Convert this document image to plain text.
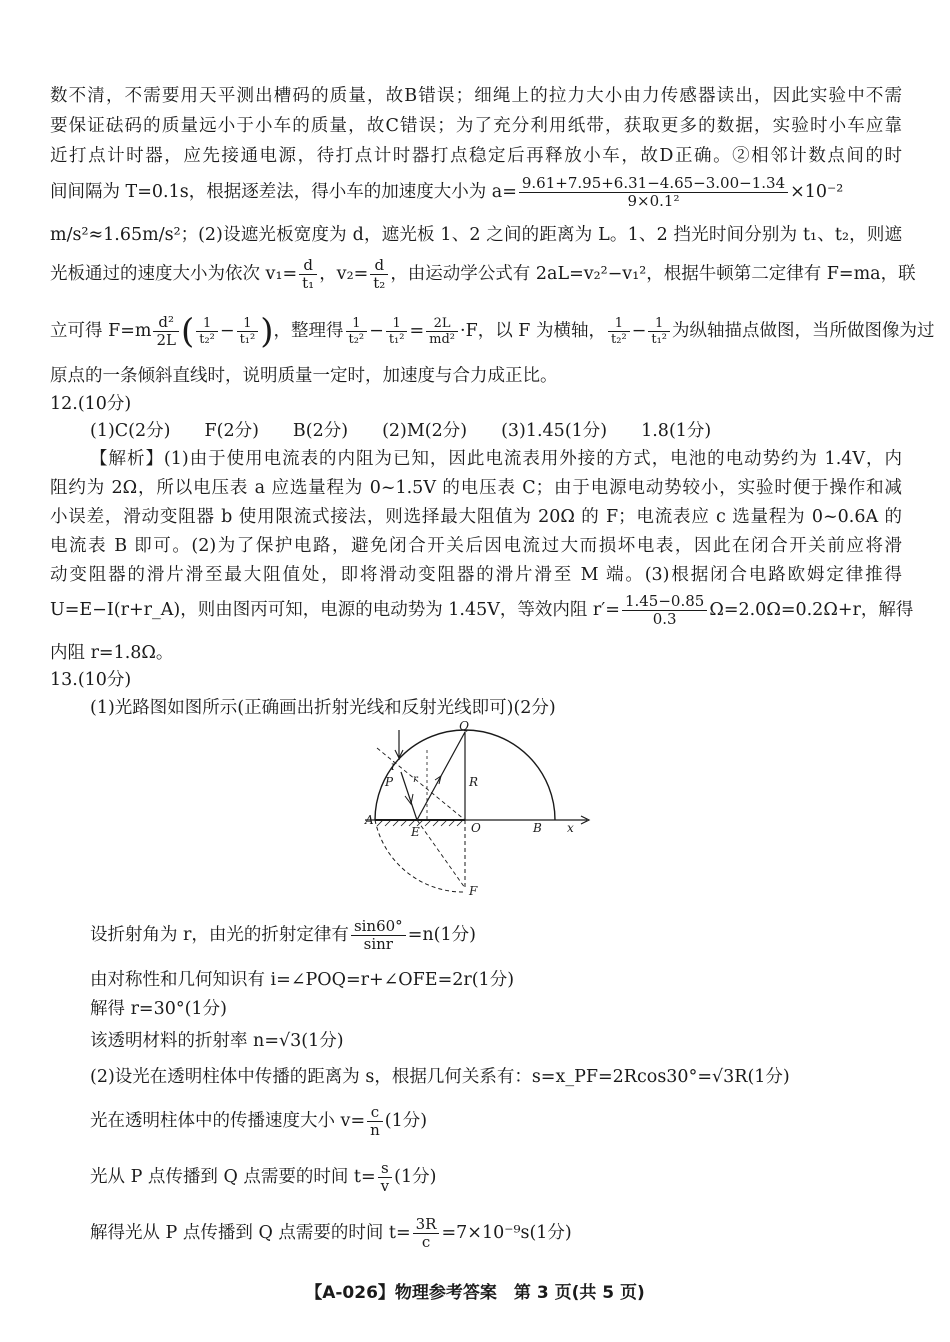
数不清，不需要用天平测出槽码的质量，故B错误；细绳上的拉力大小由力传感器读出，因此实验中不需
要保证砝码的质量远小于小车的质量，故C错误；为了充分利用纸带，获取更多的数据，实验时小车应靠
近打点计时器，应先接通电源，待打点计时器打点稳定后再释放小车，故D正确。②相邻计数点间的时
间间隔为 T=0.1s，根据逐差法，得小车的加速度大小为 $a= \frac{9.61+7.95+6.31-4.65-3.00-1.34}{\text{9×0.1²}} \times 10^{-2}$
m/s²≈1.65m/s²；(2)设遮光板宽度为 d，遮光板 1、2 之间的距离为 L。1、2 挡光时间分别为 t₁、t₂，则遮
光板通过的速度大小为依次 $v_1= \frac{d}{\text{t₁}}$ ，$v_2= \frac{d}{\text{t₂}}$ ，由运动学公式有 2aL=v₂²−v₁²，根据牛顿第二定律有 F=ma，联
立可得 $F=m \frac{\text{d²}}{2L}$ ( $\frac{1}{\text{t₂²}} - \frac{1}{\text{t₁²}}$ )，整理得 $\frac{1}{\text{t₂²}} - \frac{1}{\text{t₁²}} = \frac{2L}{\text{md²}} \cdot F$，以 F 为横轴， $\frac{1}{\text{t₂²}} - \frac{1}{\text{t₁²}}$ 为纵轴描点做图，当所做图像为过
原点的一条倾斜直线时，说明质量一定时，加速度与合力成正比。
12.(10分)
(1)C(2分) F(2分) B(2分) (2)M(2分) (3)1.45(1分) 1.8(1分)
【解析】(1)由于使用电流表的内阻为已知，因此电流表用外接的方式，电池的电动势约为 1.4V，内
阻约为 2Ω，所以电压表 a 应选量程为 0~1.5V 的电压表 C；由于电源电动势较小，实验时便于操作和减
小误差，滑动变阻器 b 使用限流式接法，则选择最大阻值为 20Ω 的 F；电流表应 c 选量程为 0~0.6A 的
电流表 B 即可。(2)为了保护电路，避免闭合开关后因电流过大而损坏电表，因此在闭合开关前应将滑
动变阻器的滑片滑至最大阻值处，即将滑动变阻器的滑片滑至 M 端。(3)根据闭合电路欧姆定律推得
U=E−I(r+r_A)，则由图丙可知，电源的电动势为 1.45V，等效内阻 $r'= \frac{1.45-0.85}{0.3} \Omega=2.0\Omega=0.2\Omega+r$，解得
内阻 r=1.8Ω。
13.(10分)
(1)光路图如图所示(正确画出折射光线和反射光线即可)(2分)
Q
i
P r	R
A
E	O	B x
F
设折射角为 r，由光的折射定律有 $\frac{\sin 60^\circ}{\sin r} =n(1$分)
由对称性和几何知识有 i=∠POQ=r+∠OFE=2r(1分)
解得 r=30°(1分)
该透明材料的折射率 n=√3(1分)
(2)设光在透明柱体中传播的距离为 s，根据几何关系有：s=x_PF=2Rcos30°=√3R(1分)
光在透明柱体中的传播速度大小 $v= \frac{c}{n} (1$分)
光从 P 点传播到 Q 点需要的时间 $t= \frac{s}{v} (1$分)
解得光从 P 点传播到 Q 点需要的时间 $t= \frac{3R}{c} =7\times 10^{-9}s(1$分)
【A-026】物理参考答案　第 3 页(共 5 页)
